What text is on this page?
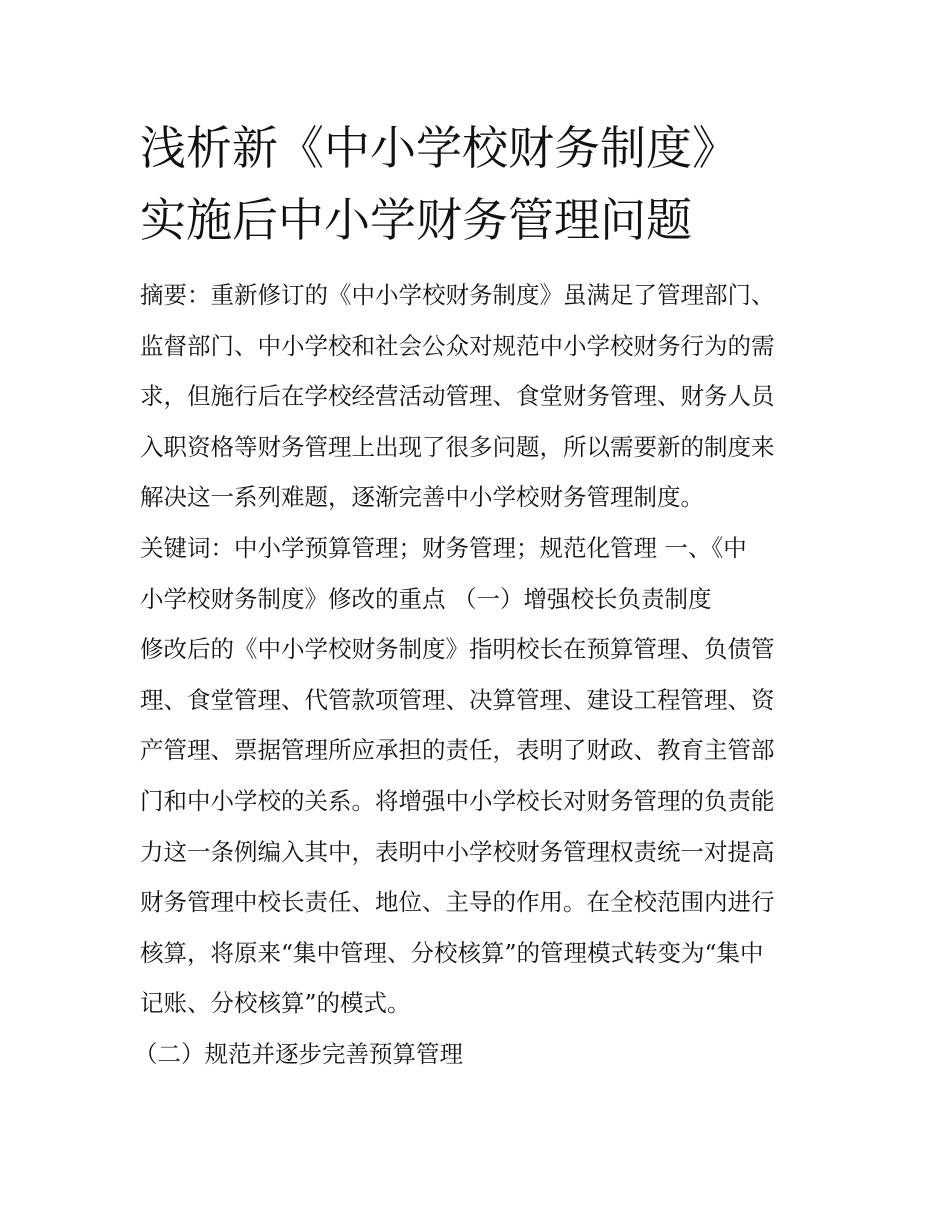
浅析新《中小学校财务制度》
实施后中小学财务管理问题

摘要：重新修订的《中小学校财务制度》虽满足了管理部门、
监督部门、中小学校和社会公众对规范中小学校财务行为的需
求，但施行后在学校经营活动管理、食堂财务管理、财务人员
入职资格等财务管理上出现了很多问题，所以需要新的制度来
解决这一系列难题，逐渐完善中小学校财务管理制度。

关键词：中小学预算管理；财务管理；规范化管理 一、《中
小学校财务制度》修改的重点 （一）增强校长负责制度

修改后的《中小学校财务制度》指明校长在预算管理、负债管
理、食堂管理、代管款项管理、决算管理、建设工程管理、资
产管理、票据管理所应承担的责任，表明了财政、教育主管部
门和中小学校的关系。将增强中小学校长对财务管理的负责能
力这一条例编入其中，表明中小学校财务管理权责统一对提高
财务管理中校长责任、地位、主导的作用。在全校范围内进行
核算，将原来“集中管理、分校核算”的管理模式转变为“集中
记账、分校核算”的模式。

（二）规范并逐步完善预算管理
